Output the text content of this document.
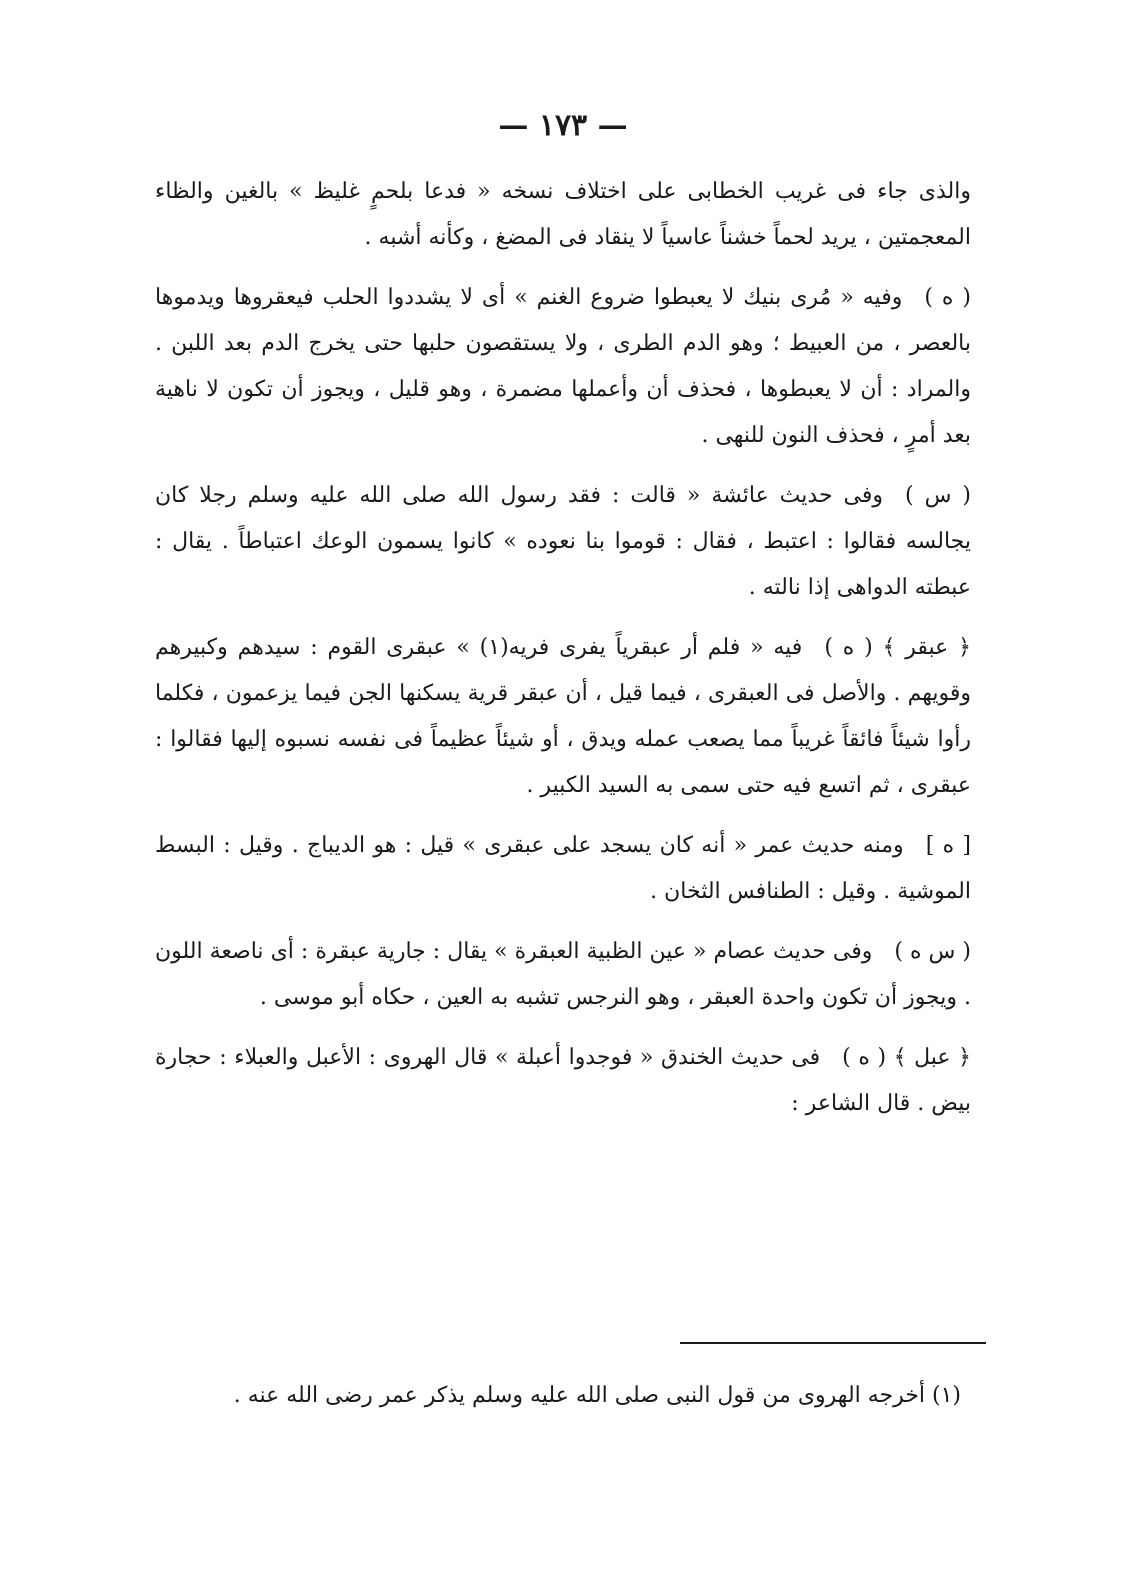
— ١٧٣ —

والذى جاء فى غريب الخطابى على اختلاف نسخه « فدعا بلحمٍ غليظ » بالغين والظاء المعجمتين ، يريد لحماً خشناً عاسياً لا ينقاد فى المضغ ، وكأنه أشبه .

( ه )وفيه « مُرى بنيك لا يعبطوا ضروع الغنم » أى لا يشددوا الحلب فيعقروها ويدموها بالعصر ، من العبيط ؛ وهو الدم الطرى ، ولا يستقصون حلبها حتى يخرج الدم بعد اللبن . والمراد : أن لا يعبطوها ، فحذف أن وأعملها مضمرة ، وهو قليل ، ويجوز أن تكون لا ناهية بعد أمرٍ ، فحذف النون للنهى .

( س )وفى حديث عائشة « قالت : فقد رسول الله صلى الله عليه وسلم رجلا كان يجالسه فقالوا : اعتبط ، فقال : قوموا بنا نعوده » كانوا يسمون الوعك اعتباطاً . يقال : عبطته الدواهى إذا نالته .

﴿ عبقر ﴾ ( ه )فيه « فلم أر عبقرياً يفرى فريه(١) » عبقرى القوم : سيدهم وكبيرهم وقويهم . والأصل فى العبقرى ، فيما قيل ، أن عبقر قرية يسكنها الجن فيما يزعمون ، فكلما رأوا شيئاً فائقاً غريباً مما يصعب عمله ويدق ، أو شيئاً عظيماً فى نفسه نسبوه إليها فقالوا : عبقرى ، ثم اتسع فيه حتى سمى به السيد الكبير .

[ ه ]ومنه حديث عمر « أنه كان يسجد على عبقرى » قيل : هو الديباج . وقيل : البسط الموشية . وقيل : الطنافس الثخان .

( س ه )وفى حديث عصام « عين الظبية العبقرة » يقال : جارية عبقرة : أى ناصعة اللون . ويجوز أن تكون واحدة العبقر ، وهو النرجس تشبه به العين ، حكاه أبو موسى .

﴿ عبل ﴾ ( ه )فى حديث الخندق « فوجدوا أعبلة » قال الهروى : الأعبل والعبلاء : حجارة بيض . قال الشاعر :

(١) أخرجه الهروى من قول النبى صلى الله عليه وسلم يذكر عمر رضى الله عنه .
